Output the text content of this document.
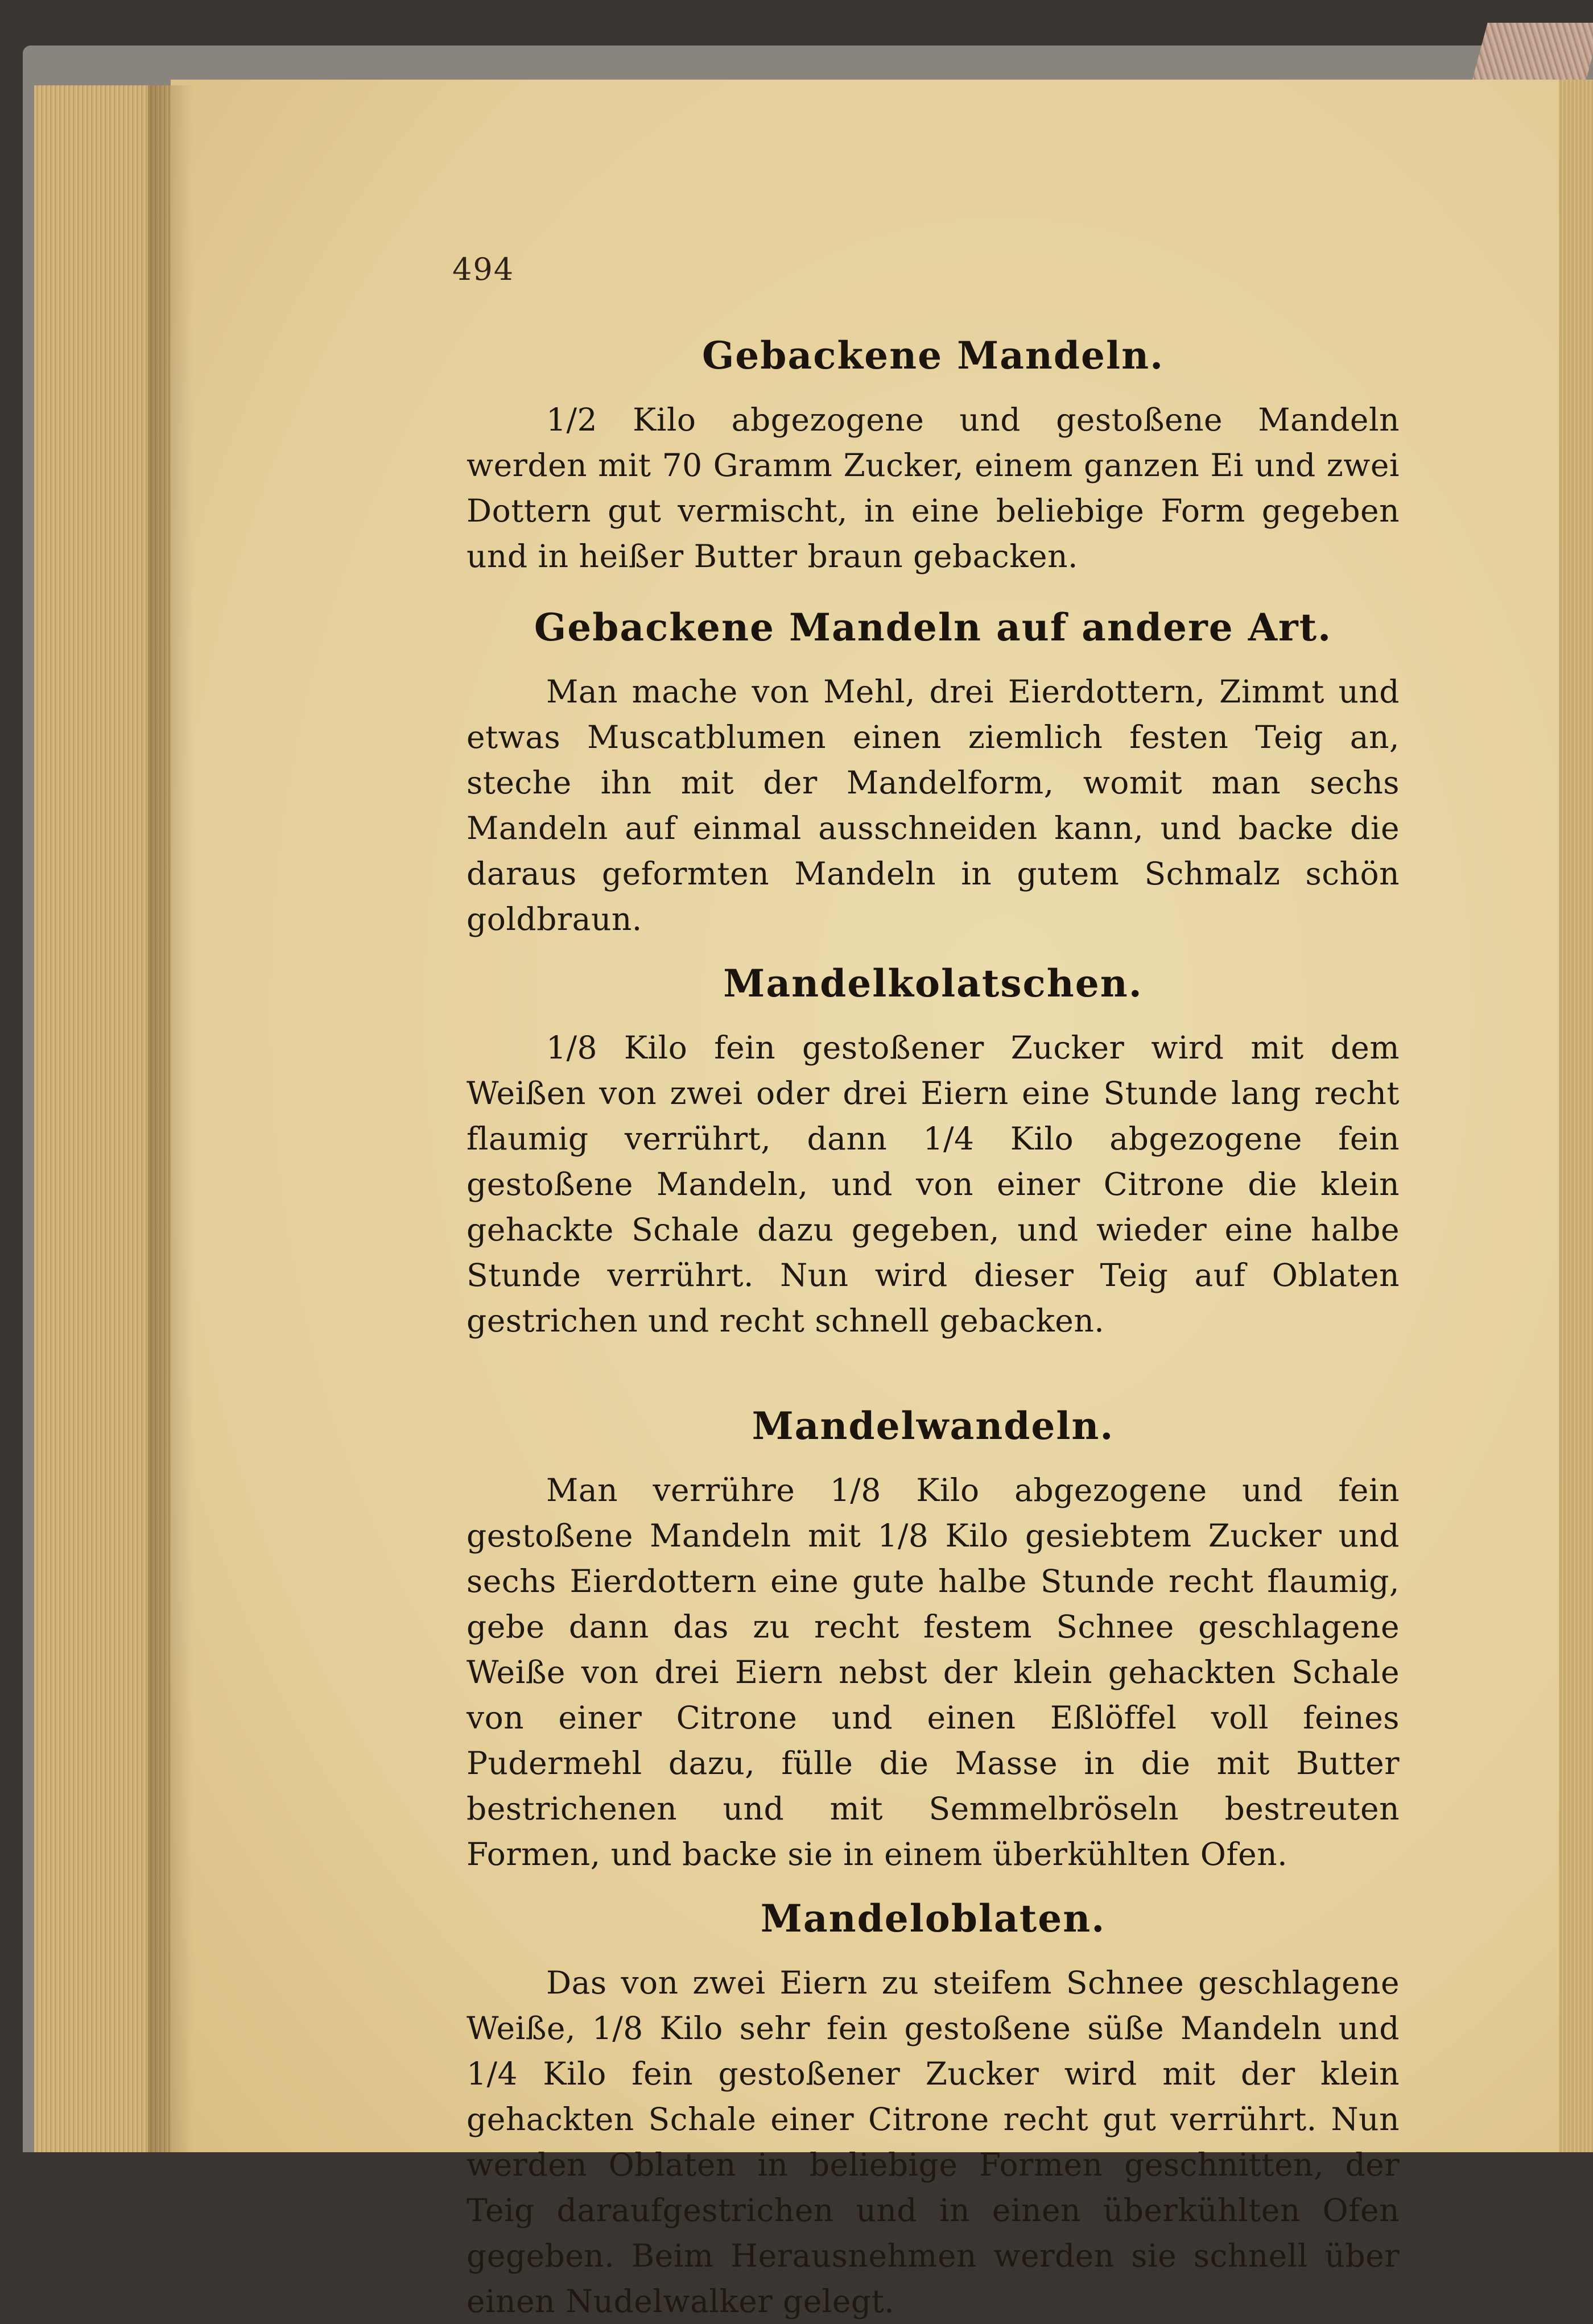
494
Gebackene Mandeln.

1/2 Kilo abgezogene und gestoßene Mandeln werden mit 70 Gramm Zucker, einem ganzen Ei und zwei Dottern gut vermischt, in eine beliebige Form gegeben und in heißer Butter braun gebacken.

Gebackene Mandeln auf andere Art.

Man mache von Mehl, drei Eierdottern, Zimmt und etwas Muscatblumen einen ziemlich festen Teig an, steche ihn mit der Mandelform, womit man sechs Mandeln auf einmal ausschneiden kann, und backe die daraus geformten Mandeln in gutem Schmalz schön goldbraun.

Mandelkolatschen.

1/8 Kilo fein gestoßener Zucker wird mit dem Weißen von zwei oder drei Eiern eine Stunde lang recht flaumig verrührt, dann 1/4 Kilo abgezogene fein gestoßene Mandeln, und von einer Citrone die klein gehackte Schale dazu gegeben, und wieder eine halbe Stunde verrührt. Nun wird dieser Teig auf Oblaten gestrichen und recht schnell gebacken.

Mandelwandeln.

Man verrühre 1/8 Kilo abgezogene und fein gestoßene Mandeln mit 1/8 Kilo gesiebtem Zucker und sechs Eierdottern eine gute halbe Stunde recht flaumig, gebe dann das zu recht festem Schnee geschlagene Weiße von drei Eiern nebst der klein gehackten Schale von einer Citrone und einen Eßlöffel voll feines Pudermehl dazu, fülle die Masse in die mit Butter bestrichenen und mit Semmelbröseln bestreuten Formen, und backe sie in einem überkühlten Ofen.

Mandeloblaten.

Das von zwei Eiern zu steifem Schnee geschlagene Weiße, 1/8 Kilo sehr fein gestoßene süße Mandeln und 1/4 Kilo fein gestoßener Zucker wird mit der klein gehackten Schale einer Citrone recht gut verrührt. Nun werden Oblaten in beliebige Formen geschnitten, der Teig daraufgestrichen und in einen überkühlten Ofen gegeben. Beim Herausnehmen werden sie schnell über einen Nudelwalker gelegt.
